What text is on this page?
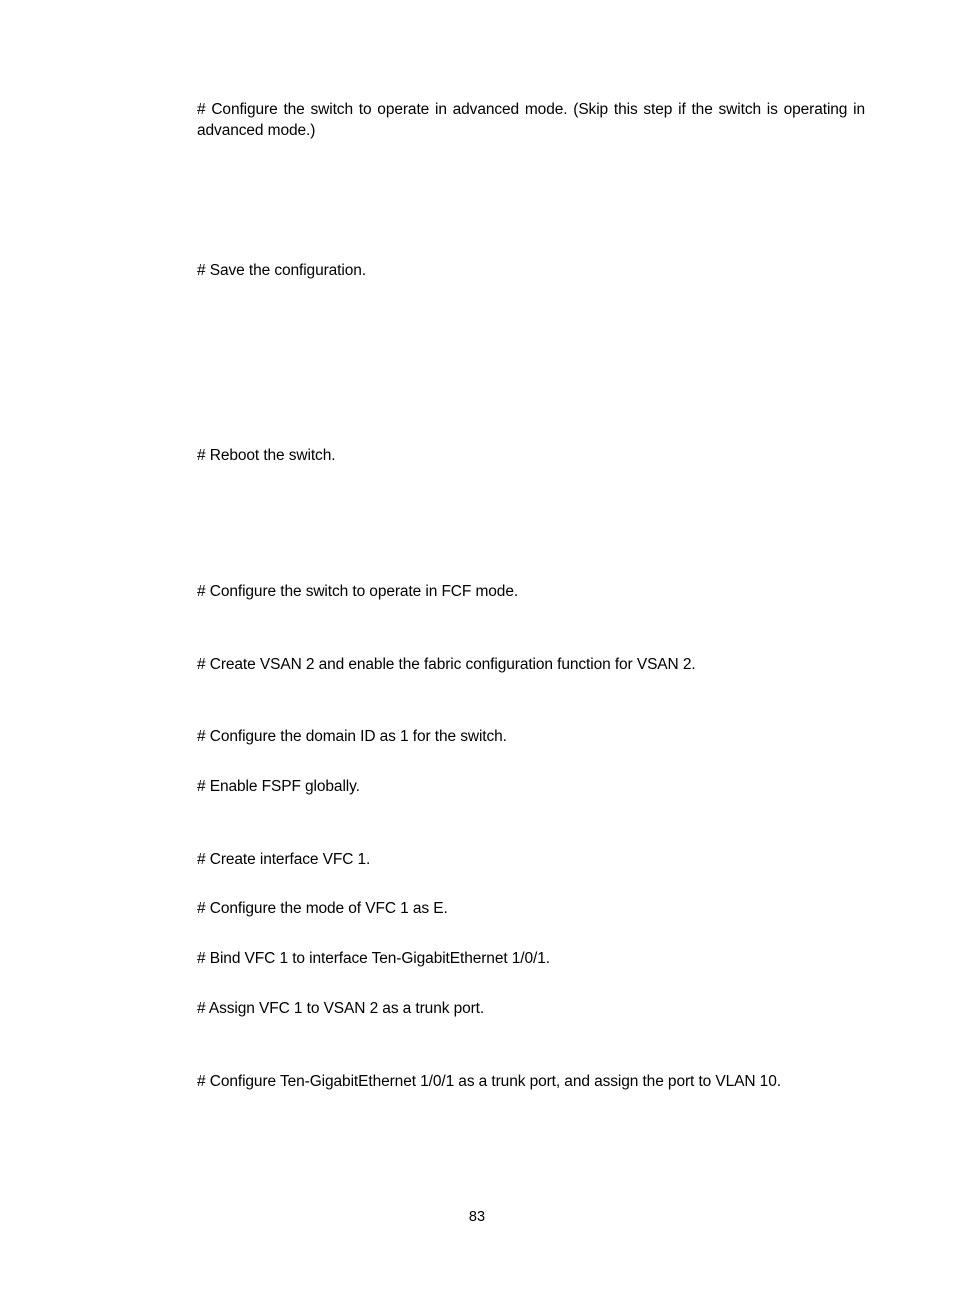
# Configure the switch to operate in advanced mode. (Skip this step if the switch is operating in advanced mode.)

# Save the configuration.

# Reboot the switch.

# Configure the switch to operate in FCF mode.

# Create VSAN 2 and enable the fabric configuration function for VSAN 2.

# Configure the domain ID as 1 for the switch.

# Enable FSPF globally.

# Create interface VFC 1.

# Configure the mode of VFC 1 as E.

# Bind VFC 1 to interface Ten-GigabitEthernet 1/0/1.

# Assign VFC 1 to VSAN 2 as a trunk port.

# Configure Ten-GigabitEthernet 1/0/1 as a trunk port, and assign the port to VLAN 10.

83
